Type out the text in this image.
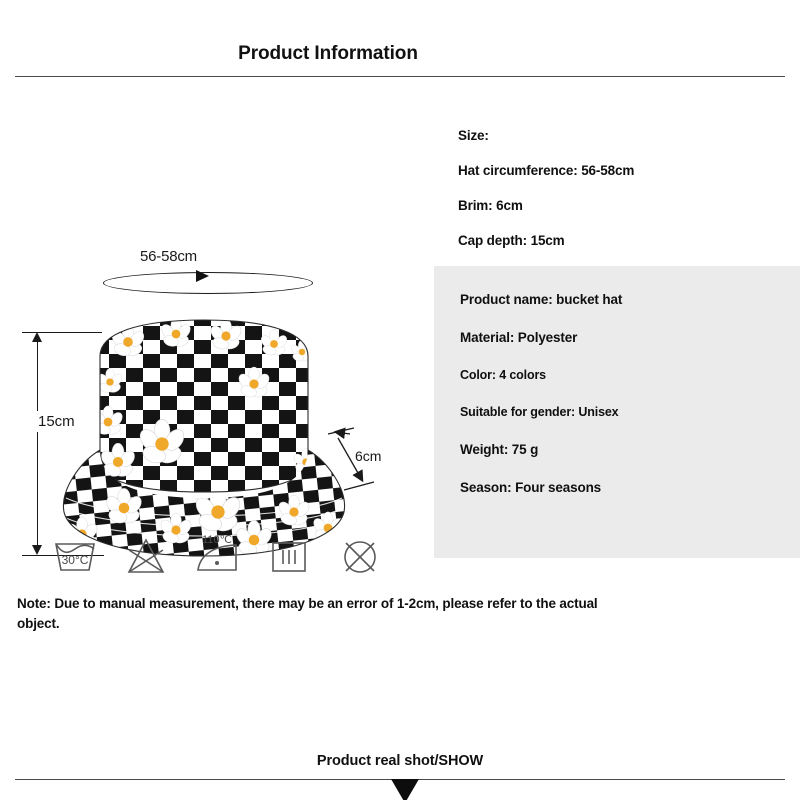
Product Information
56-58cm
15cm
6cm
Size:
Hat circumference: 56-58cm
Brim: 6cm
Cap depth: 15cm
Product name: bucket hat
Material: Polyester
Color: 4 colors
Suitable for gender: Unisex
Weight: 75 g
Season: Four seasons
30°C
110℃
Note: Due to manual measurement, there may be an error of 1-2cm, please refer to the actual object.
Product real shot/SHOW
